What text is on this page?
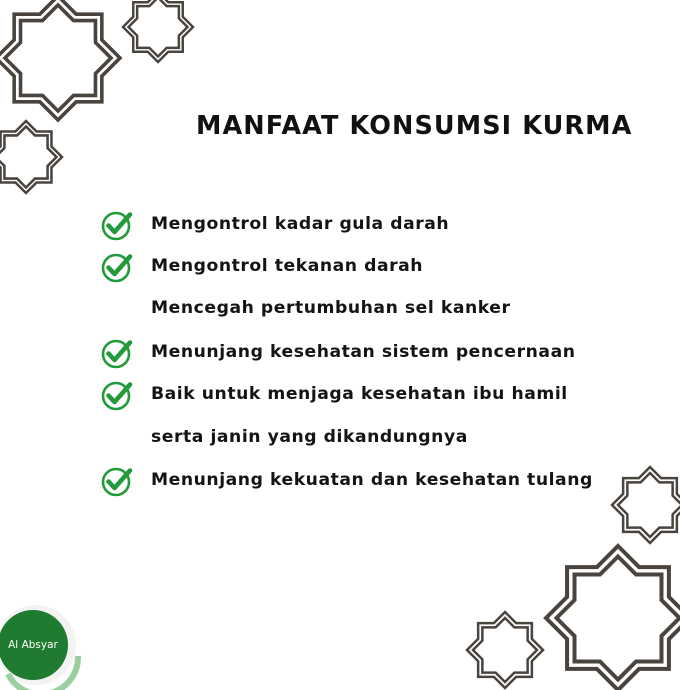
MANFAAT KONSUMSI KURMA
Mengontrol kadar gula darah
Mengontrol tekanan darah
Mencegah pertumbuhan sel kanker
Menunjang kesehatan sistem pencernaan
Baik untuk menjaga kesehatan ibu hamil
serta janin yang dikandungnya
Menunjang kekuatan dan kesehatan tulang
Al Absyar
